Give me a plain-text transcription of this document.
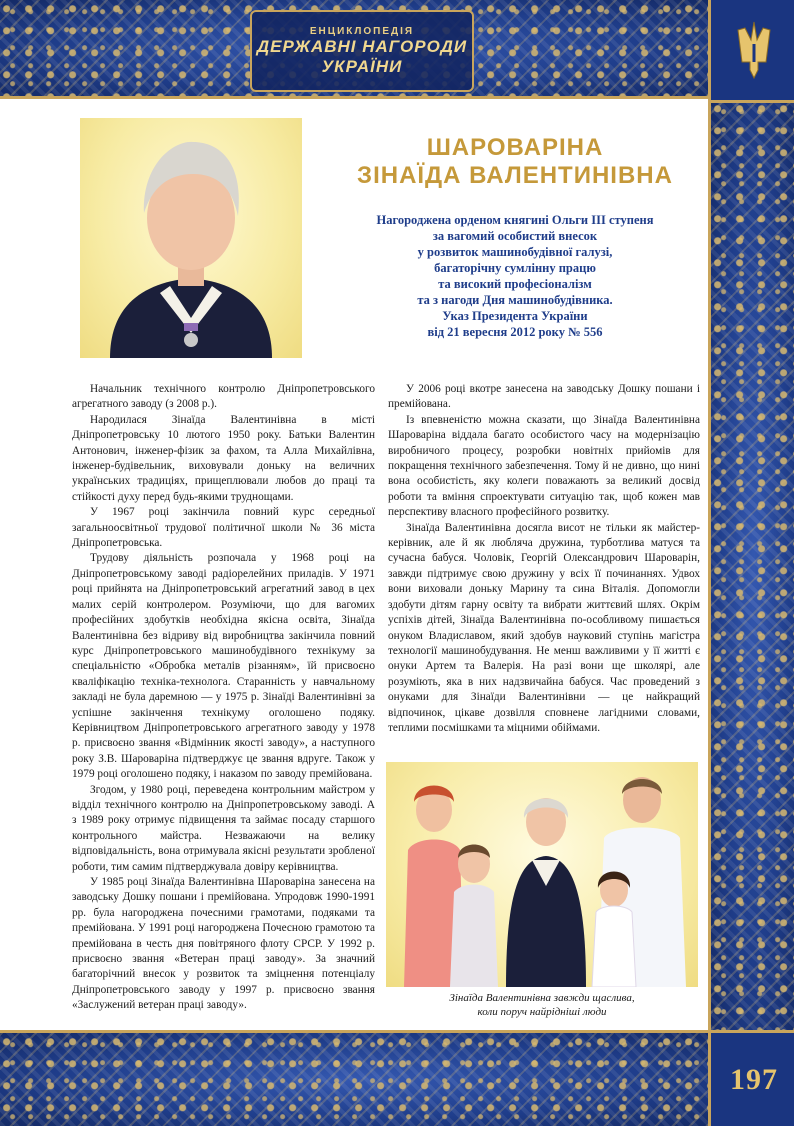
ЕНЦИКЛОПЕДІЯ
ДЕРЖАВНІ НАГОРОДИ
УКРАЇНИ
197
ШАРОВАРІНА
ЗІНАЇДА ВАЛЕНТИНІВНА
Нагороджена орденом княгині Ольги ІІІ ступеня
за вагомий особистий внесок
у розвиток машинобудівної галузі,
багаторічну сумлінну працю
та високий професіоналізм
та з нагоди Дня машинобудівника.
Указ Президента України
від 21 вересня 2012 року № 556

Начальник технічного контролю Дніпропетровського агрегатного заводу (з 2008 р.).

Народилася Зінаїда Валентинівна в місті Дніпропетровську 10 лютого 1950 року. Батьки Валентин Антонович, інженер-фізик за фахом, та Алла Михайлівна, інженер-будівельник, виховували доньку на величних українських традиціях, прищеплювали любов до праці та стійкості духу перед будь-якими труднощами.

У 1967 році закінчила повний курс середньої загальноосвітньої трудової політичної школи № 36 міста Дніпропетровська.

Трудову діяльність розпочала у 1968 році на Дніпропетровському заводі радіорелейних приладів. У 1971 році прийнята на Дніпропетровський агрегатний завод в цех малих серій контролером. Розуміючи, що для вагомих професійних здобутків необхідна якісна освіта, Зінаїда Валентинівна без відриву від виробництва закінчила повний курс Дніпропетровського машинобудівного технікуму за спеціальністю «Обробка металів різанням», їй присвоєно кваліфікацію техніка-технолога. Старанність у навчальному закладі не була даремною — у 1975 р. Зінаїді Валентинівні за успішне закінчення технікуму оголошено подяку. Керівництвом Дніпропетровського агрегатного заводу у 1978 р. присвоєно звання «Відмінник якості заводу», а наступного року З.В. Шароваріна підтверджує це звання вдруге. Також у 1979 році оголошено подяку, і наказом по заводу премійована.

Згодом, у 1980 році, переведена контрольним майстром у відділ технічного контролю на Дніпропетровському заводі. А з 1989 року отримує підвищення та займає посаду старшого контрольного майстра. Незважаючи на велику відповідальність, вона отримувала якісні результати зробленої роботи, тим самим підтверджувала довіру керівництва.

У 1985 році Зінаїда Валентинівна Шароваріна занесена на заводську Дошку пошани і премійована. Упродовж 1990-1991 рр. була нагороджена почесними грамотами, подяками та премійована. У 1991 році нагороджена Почесною грамотою та премійована в честь дня повітряного флоту СРСР. У 1992 р. присвоєно звання «Ветеран праці заводу». За значний багаторічний внесок у розвиток та зміцнення потенціалу Дніпропетровського заводу у 1997 р. присвоєно звання «Заслужений ветеран праці заводу».

У 2006 році вкотре занесена на заводську Дошку пошани і премійована.

Із впевненістю можна сказати, що Зінаїда Валентинівна Шароваріна віддала багато особистого часу на модернізацію виробничого процесу, розробки новітніх прийомів для покращення технічного забезпечення. Тому й не дивно, що нині вона особистість, яку колеги поважають за великий досвід роботи та вміння спроектувати ситуацію так, щоб кожен мав перспективу власного професійного розвитку.

Зінаїда Валентинівна досягла висот не тільки як майстер-керівник, але й як любляча дружина, турботлива матуся та сучасна бабуся. Чоловік, Георгій Олександрович Шароварін, завжди підтримує свою дружину у всіх її починаннях. Удвох вони виховали доньку Марину та сина Віталія. Допомогли здобути дітям гарну освіту та вибрати життєвий шлях. Окрім успіхів дітей, Зінаїда Валентинівна по-особливому пишається онуком Владиславом, який здобув науковий ступінь магістра технології машинобудування. Не менш важливими у її житті є онуки Артем та Валерія. На разі вони ще школярі, але розуміють, яка в них надзвичайна бабуся. Час проведений з онуками для Зінаїди Валентинівни — це найкращий відпочинок, цікаве дозвілля сповнене лагідними словами, теплими посмішками та міцними обіймами.

Зінаїда Валентинівна завжди щаслива,
коли поруч найрідніші люди
